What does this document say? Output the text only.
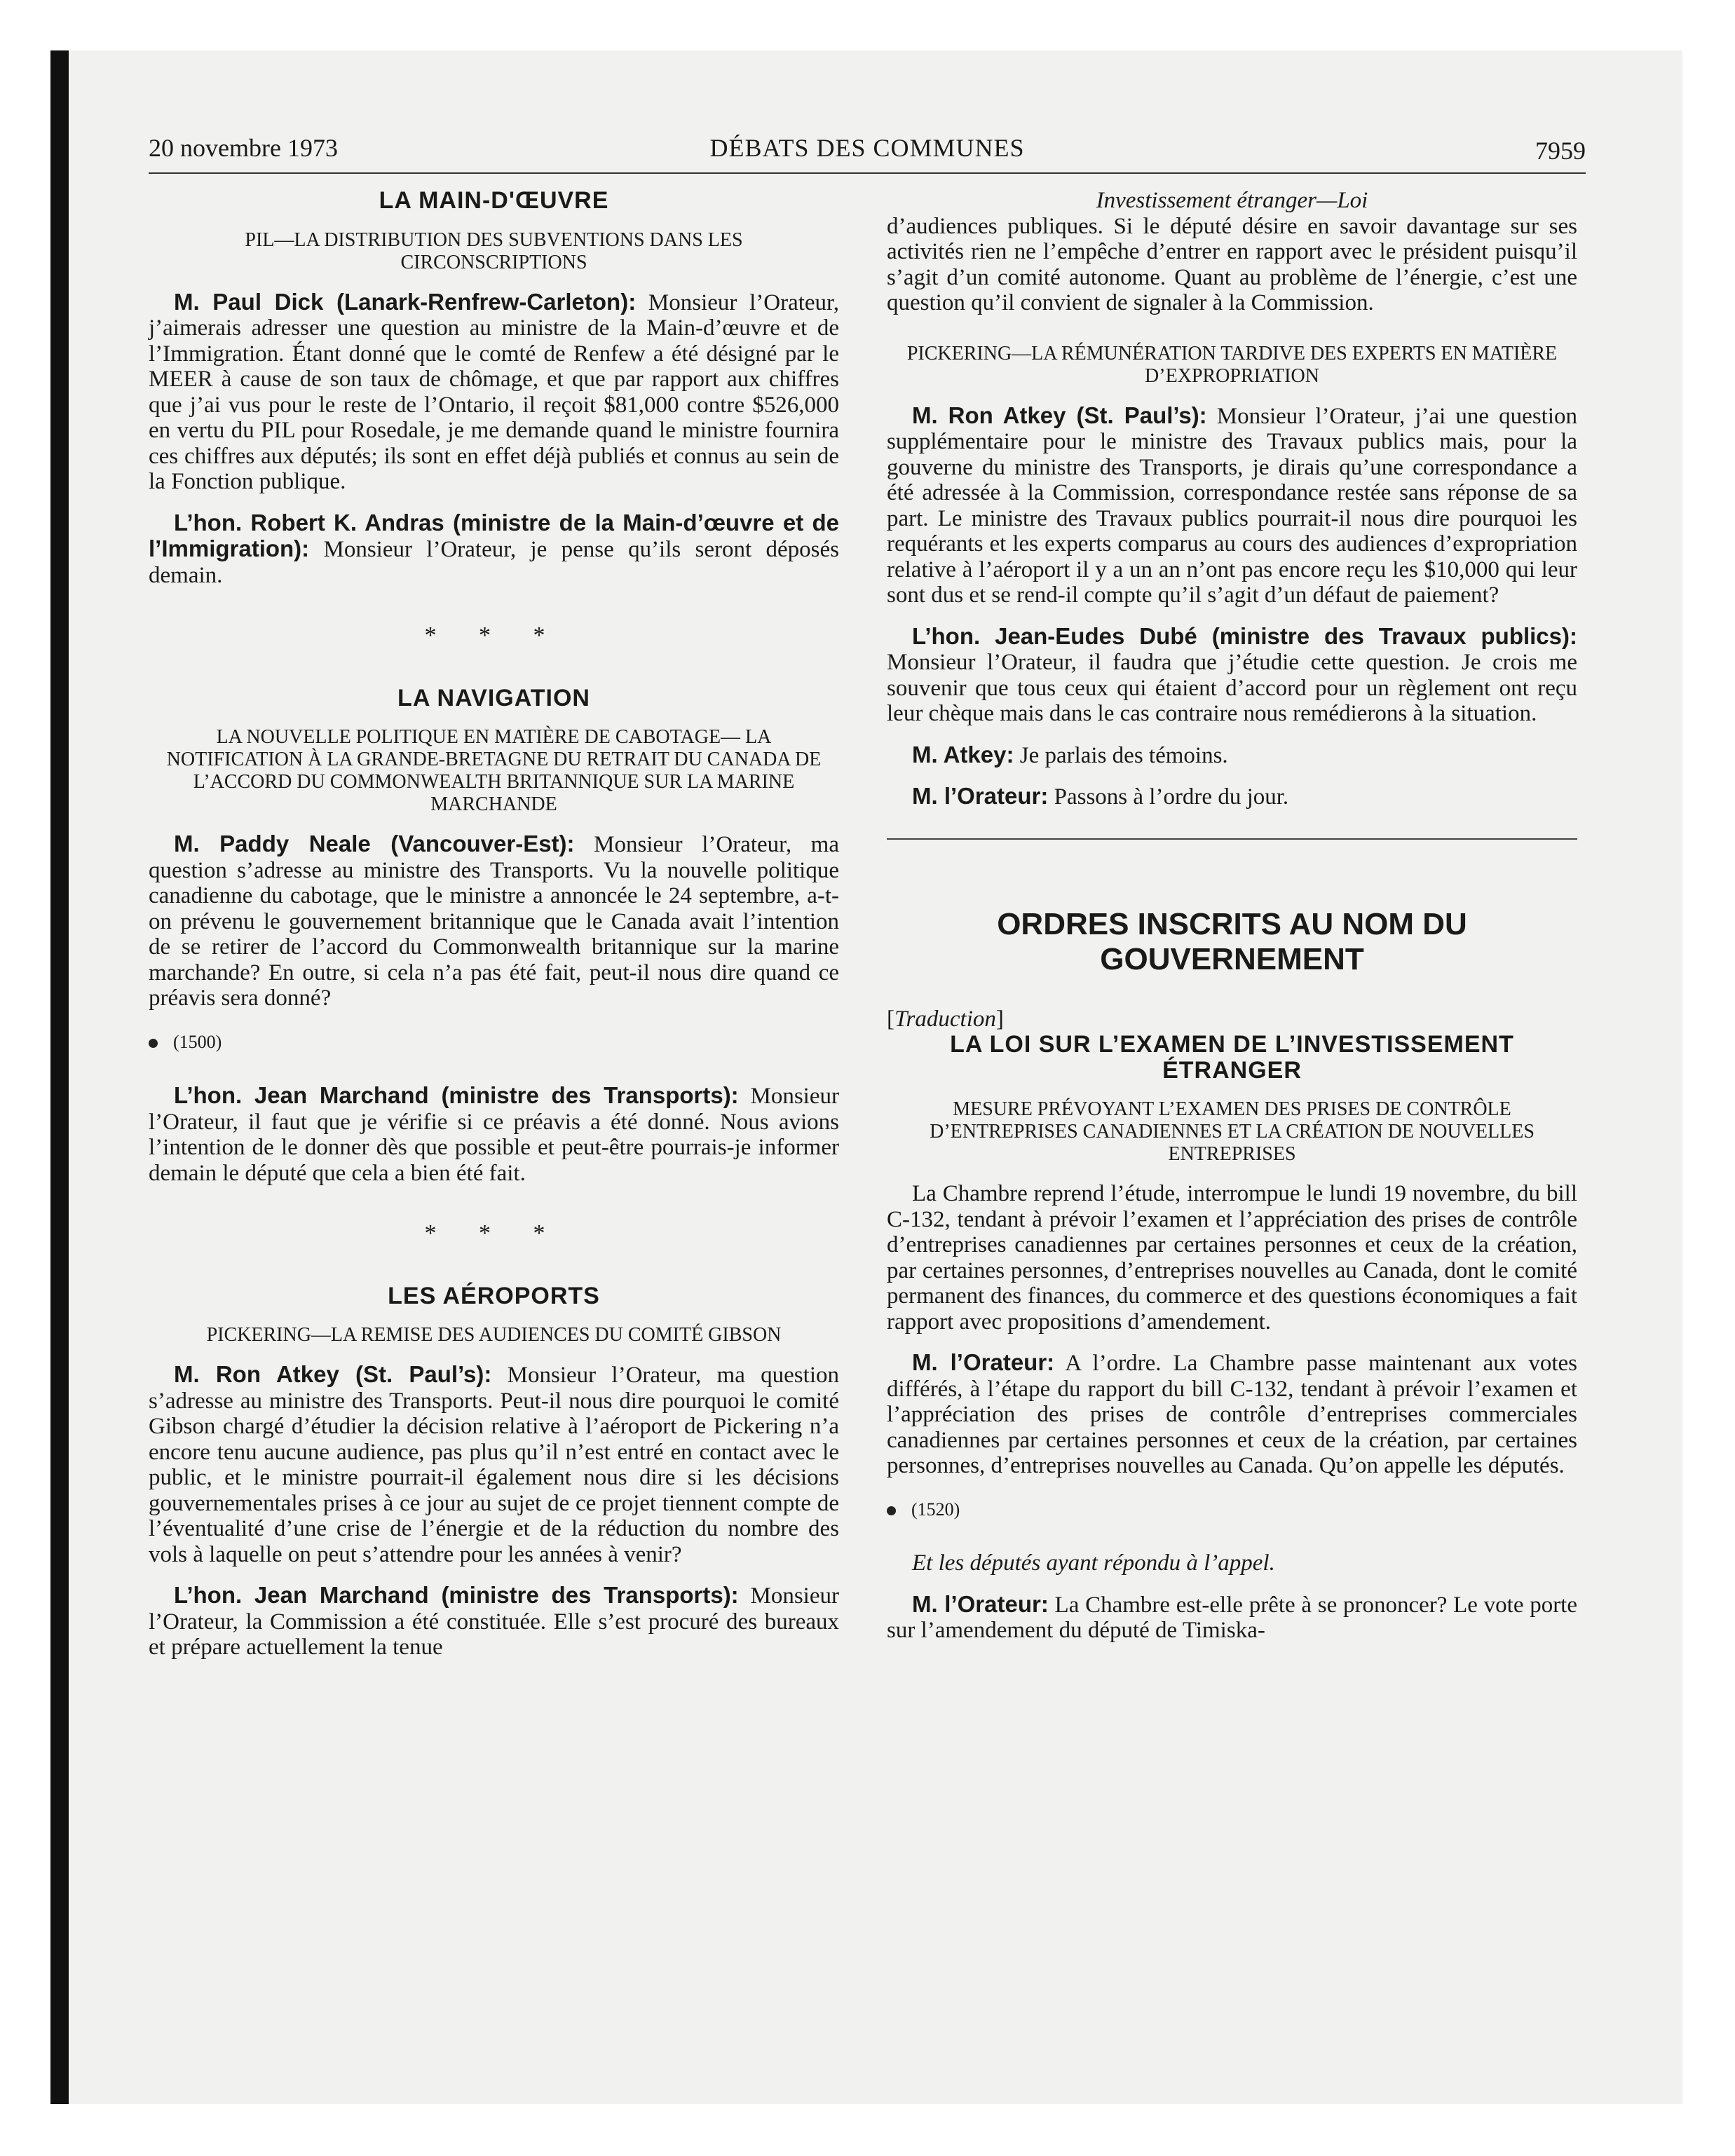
20 novembre 1973	DÉBATS DES COMMUNES	7959

LA MAIN-D'ŒUVRE

PIL—LA DISTRIBUTION DES SUBVENTIONS DANS LES CIRCONSCRIPTIONS

M. Paul Dick (Lanark-Renfrew-Carleton): Monsieur l’Orateur, j’aimerais adresser une question au ministre de la Main-d’œuvre et de l’Immigration. Étant donné que le comté de Renfew a été désigné par le MEER à cause de son taux de chômage, et que par rapport aux chiffres que j’ai vus pour le reste de l’Ontario, il reçoit $81,000 contre $526,000 en vertu du PIL pour Rosedale, je me demande quand le ministre fournira ces chiffres aux députés; ils sont en effet déjà publiés et connus au sein de la Fonction publique.

L’hon. Robert K. Andras (ministre de la Main-d’œuvre et de l’Immigration): Monsieur l’Orateur, je pense qu’ils seront déposés demain.

* * *

LA NAVIGATION

LA NOUVELLE POLITIQUE EN MATIÈRE DE CABOTAGE— LA NOTIFICATION À LA GRANDE-BRETAGNE DU RETRAIT DU CANADA DE L’ACCORD DU COMMONWEALTH BRITANNIQUE SUR LA MARINE MARCHANDE

M. Paddy Neale (Vancouver-Est): Monsieur l’Orateur, ma question s’adresse au ministre des Transports. Vu la nouvelle politique canadienne du cabotage, que le ministre a annoncée le 24 septembre, a-t-on prévenu le gouvernement britannique que le Canada avait l’intention de se retirer de l’accord du Commonwealth britannique sur la marine marchande? En outre, si cela n’a pas été fait, peut-il nous dire quand ce préavis sera donné?

(1500)

L’hon. Jean Marchand (ministre des Transports): Monsieur l’Orateur, il faut que je vérifie si ce préavis a été donné. Nous avions l’intention de le donner dès que possible et peut-être pourrais-je informer demain le député que cela a bien été fait.

* * *

LES AÉROPORTS

PICKERING—LA REMISE DES AUDIENCES DU COMITÉ GIBSON

M. Ron Atkey (St. Paul’s): Monsieur l’Orateur, ma question s’adresse au ministre des Transports. Peut-il nous dire pourquoi le comité Gibson chargé d’étudier la décision relative à l’aéroport de Pickering n’a encore tenu aucune audience, pas plus qu’il n’est entré en contact avec le public, et le ministre pourrait-il également nous dire si les décisions gouvernementales prises à ce jour au sujet de ce projet tiennent compte de l’éventualité d’une crise de l’énergie et de la réduction du nombre des vols à laquelle on peut s’attendre pour les années à venir?

L’hon. Jean Marchand (ministre des Transports): Monsieur l’Orateur, la Commission a été constituée. Elle s’est procuré des bureaux et prépare actuellement la tenue

Investissement étranger—Loi

d’audiences publiques. Si le député désire en savoir davantage sur ses activités rien ne l’empêche d’entrer en rapport avec le président puisqu’il s’agit d’un comité autonome. Quant au problème de l’énergie, c’est une question qu’il convient de signaler à la Commission.

PICKERING—LA RÉMUNÉRATION TARDIVE DES EXPERTS EN MATIÈRE D’EXPROPRIATION

M. Ron Atkey (St. Paul’s): Monsieur l’Orateur, j’ai une question supplémentaire pour le ministre des Travaux publics mais, pour la gouverne du ministre des Transports, je dirais qu’une correspondance a été adressée à la Commission, correspondance restée sans réponse de sa part. Le ministre des Travaux publics pourrait-il nous dire pourquoi les requérants et les experts comparus au cours des audiences d’expropriation relative à l’aéroport il y a un an n’ont pas encore reçu les $10,000 qui leur sont dus et se rend-il compte qu’il s’agit d’un défaut de paiement?

L’hon. Jean-Eudes Dubé (ministre des Travaux publics): Monsieur l’Orateur, il faudra que j’étudie cette question. Je crois me souvenir que tous ceux qui étaient d’accord pour un règlement ont reçu leur chèque mais dans le cas contraire nous remédierons à la situation.

M. Atkey: Je parlais des témoins.

M. l’Orateur: Passons à l’ordre du jour.

ORDRES INSCRITS AU NOM DU GOUVERNEMENT

[Traduction]

LA LOI SUR L’EXAMEN DE L’INVESTISSEMENT ÉTRANGER

MESURE PRÉVOYANT L’EXAMEN DES PRISES DE CONTRÔLE D’ENTREPRISES CANADIENNES ET LA CRÉATION DE NOUVELLES ENTREPRISES

La Chambre reprend l’étude, interrompue le lundi 19 novembre, du bill C-132, tendant à prévoir l’examen et l’appréciation des prises de contrôle d’entreprises canadiennes par certaines personnes et ceux de la création, par certaines personnes, d’entreprises nouvelles au Canada, dont le comité permanent des finances, du commerce et des questions économiques a fait rapport avec propositions d’amendement.

M. l’Orateur: A l’ordre. La Chambre passe maintenant aux votes différés, à l’étape du rapport du bill C-132, tendant à prévoir l’examen et l’appréciation des prises de contrôle d’entreprises commerciales canadiennes par certaines personnes et ceux de la création, par certaines personnes, d’entreprises nouvelles au Canada. Qu’on appelle les députés.

(1520)

Et les députés ayant répondu à l’appel.

M. l’Orateur: La Chambre est-elle prête à se prononcer? Le vote porte sur l’amendement du député de Timiska-
